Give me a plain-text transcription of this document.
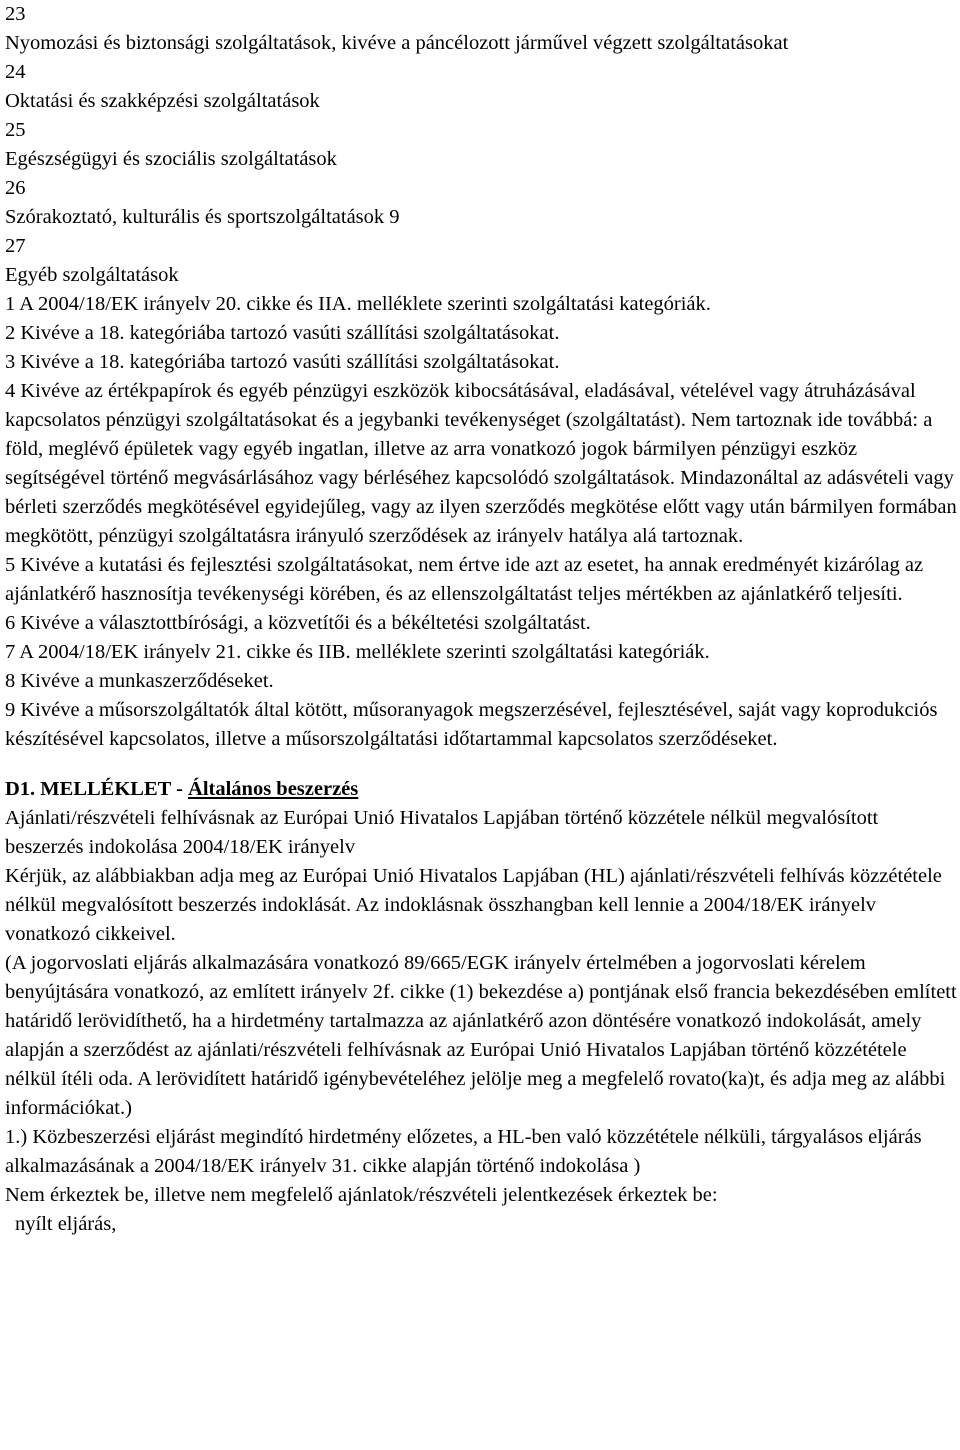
23

Nyomozási és biztonsági szolgáltatások, kivéve a páncélozott járművel végzett szolgáltatásokat

24

Oktatási és szakképzési szolgáltatások

25

Egészségügyi és szociális szolgáltatások

26

Szórakoztató, kulturális és sportszolgáltatások 9

27

Egyéb szolgáltatások

1 A 2004/18/EK irányelv 20. cikke és IIA. melléklete szerinti szolgáltatási kategóriák.

2 Kivéve a 18. kategóriába tartozó vasúti szállítási szolgáltatásokat.

3 Kivéve a 18. kategóriába tartozó vasúti szállítási szolgáltatásokat.

4 Kivéve az értékpapírok és egyéb pénzügyi eszközök kibocsátásával, eladásával, vételével vagy átruházásával kapcsolatos pénzügyi szolgáltatásokat és a jegybanki tevékenységet (szolgáltatást). Nem tartoznak ide továbbá: a föld, meglévő épületek vagy egyéb ingatlan, illetve az arra vonatkozó jogok bármilyen pénzügyi eszköz segítségével történő megvásárlásához vagy bérléséhez kapcsolódó szolgáltatások. Mindazonáltal az adásvételi vagy bérleti szerződés megkötésével egyidejűleg, vagy az ilyen szerződés megkötése előtt vagy után bármilyen formában megkötött, pénzügyi szolgáltatásra irányuló szerződések az irányelv hatálya alá tartoznak.

5 Kivéve a kutatási és fejlesztési szolgáltatásokat, nem értve ide azt az esetet, ha annak eredményét kizárólag az ajánlatkérő hasznosítja tevékenységi körében, és az ellenszolgáltatást teljes mértékben az ajánlatkérő teljesíti.

6 Kivéve a választottbírósági, a közvetítői és a békéltetési szolgáltatást.

7 A 2004/18/EK irányelv 21. cikke és IIB. melléklete szerinti szolgáltatási kategóriák.

8 Kivéve a munkaszerződéseket.

9 Kivéve a műsorszolgáltatók által kötött, műsoranyagok megszerzésével, fejlesztésével, saját vagy koprodukciós készítésével kapcsolatos, illetve a műsorszolgáltatási időtartammal kapcsolatos szerződéseket.

D1. MELLÉKLET - Általános beszerzés

Ajánlati/részvételi felhívásnak az Európai Unió Hivatalos Lapjában történő közzétele nélkül megvalósított beszerzés indokolása 2004/18/EK irányelv

Kérjük, az alábbiakban adja meg az Európai Unió Hivatalos Lapjában (HL) ajánlati/részvételi felhívás közzététele nélkül megvalósított beszerzés indoklását. Az indoklásnak összhangban kell lennie a 2004/18/EK irányelv vonatkozó cikkeivel.

(A jogorvoslati eljárás alkalmazására vonatkozó 89/665/EGK irányelv értelmében a jogorvoslati kérelem benyújtására vonatkozó, az említett irányelv 2f. cikke (1) bekezdése a) pontjának első francia bekezdésében említett határidő lerövidíthető, ha a hirdetmény tartalmazza az ajánlatkérő azon döntésére vonatkozó indokolását, amely alapján a szerződést az ajánlati/részvételi felhívásnak az Európai Unió Hivatalos Lapjában történő közzététele nélkül ítéli oda. A lerövidített határidő igénybevételéhez jelölje meg a megfelelő rovato(ka)t, és adja meg az alábbi információkat.)

1.) Közbeszerzési eljárást megindító hirdetmény előzetes, a HL-ben való közzététele nélküli, tárgyalásos eljárás alkalmazásának a 2004/18/EK irányelv 31. cikke alapján történő indokolása )

Nem érkeztek be, illetve nem megfelelő ajánlatok/részvételi jelentkezések érkeztek be:

nyílt eljárás,
